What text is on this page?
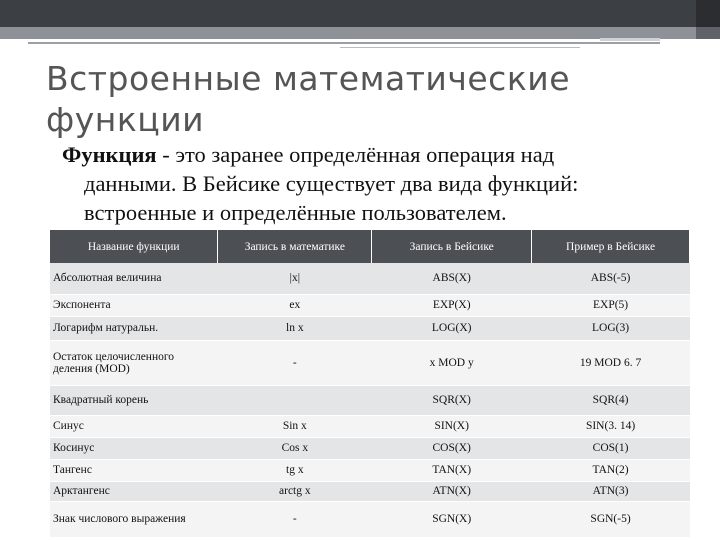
Встроенные математические функции
Функция - это заранее определённая операция над
данными. В Бейсике существует два вида функций:
встроенные и определённые пользователем.
Название функции	Запись в математике	Запись в Бейсике	Пример в Бейсике
Абсолютная величина	|x|	ABS(X)	ABS(-5)
Экспонента	ex	EXP(X)	EXP(5)
Логарифм натуральн.	ln x	LOG(X)	LOG(3)
Остаток целочисленного деления (MOD)	-	x MOD y	19 MOD 6. 7
Квадратный корень		SQR(X)	SQR(4)
Синус	Sin x	SIN(X)	SIN(3. 14)
Косинус	Cos x	COS(X)	COS(1)
Тангенс	tg x	TAN(X)	TAN(2)
Арктангенс	arctg x	ATN(X)	ATN(3)
Знак числового выражения	-	SGN(X)	SGN(-5)
